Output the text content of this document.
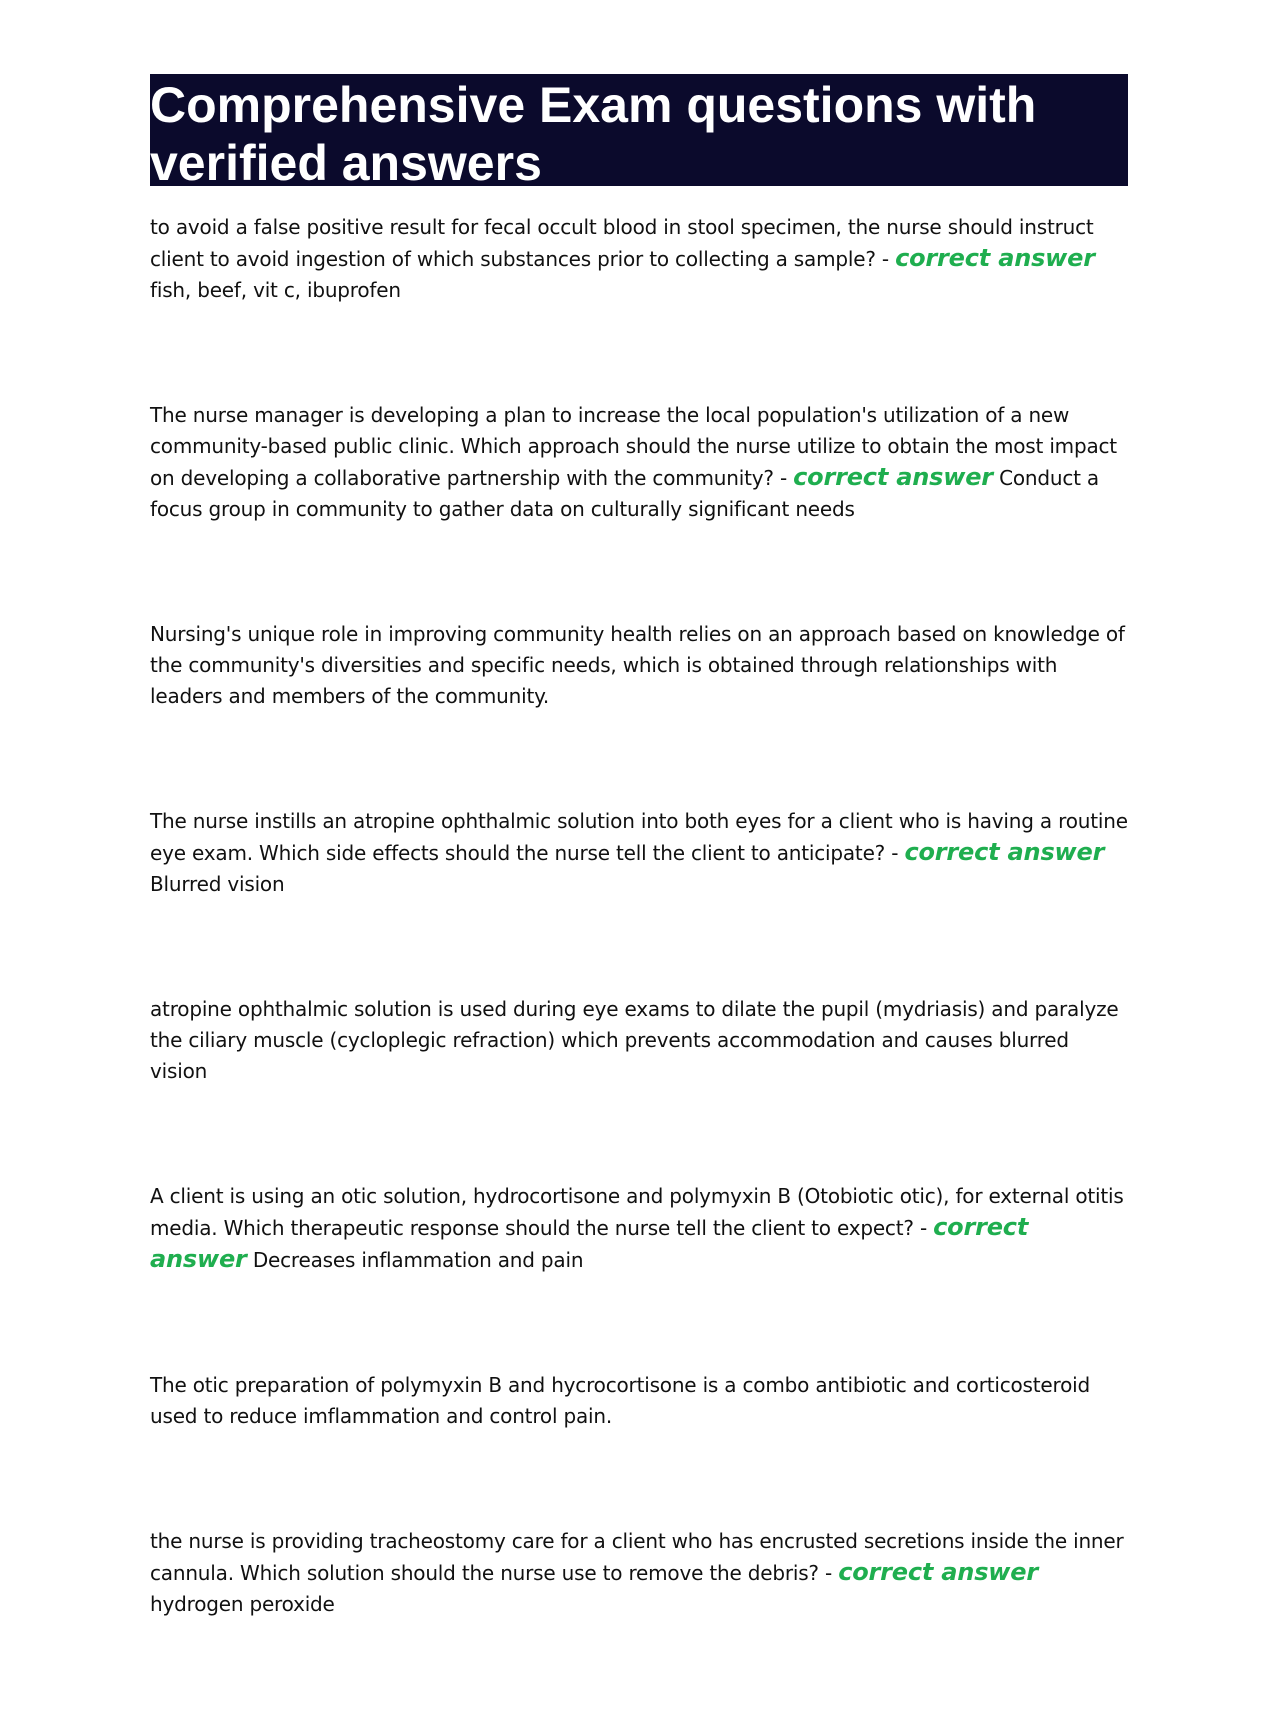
Comprehensive Exam questions with verified answers

to avoid a false positive result for fecal occult blood in stool specimen, the nurse should instruct client to avoid ingestion of which substances prior to collecting a sample? - correct answer fish, beef, vit c, ibuprofen

The nurse manager is developing a plan to increase the local population's utilization of a new community-based public clinic. Which approach should the nurse utilize to obtain the most impact on developing a collaborative partnership with the community? - correct answer Conduct a focus group in community to gather data on culturally significant needs

Nursing's unique role in improving community health relies on an approach based on knowledge of the community's diversities and specific needs, which is obtained through relationships with leaders and members of the community.

The nurse instills an atropine ophthalmic solution into both eyes for a client who is having a routine eye exam. Which side effects should the nurse tell the client to anticipate? - correct answer Blurred vision

atropine ophthalmic solution is used during eye exams to dilate the pupil (mydriasis) and paralyze the ciliary muscle (cycloplegic refraction) which prevents accommodation and causes blurred vision

A client is using an otic solution, hydrocortisone and polymyxin B (Otobiotic otic), for external otitis media. Which therapeutic response should the nurse tell the client to expect? - correct answer Decreases inflammation and pain

The otic preparation of polymyxin B and hycrocortisone is a combo antibiotic and corticosteroid used to reduce imflammation and control pain.

the nurse is providing tracheostomy care for a client who has encrusted secretions inside the inner cannula. Which solution should the nurse use to remove the debris? - correct answer hydrogen peroxide
